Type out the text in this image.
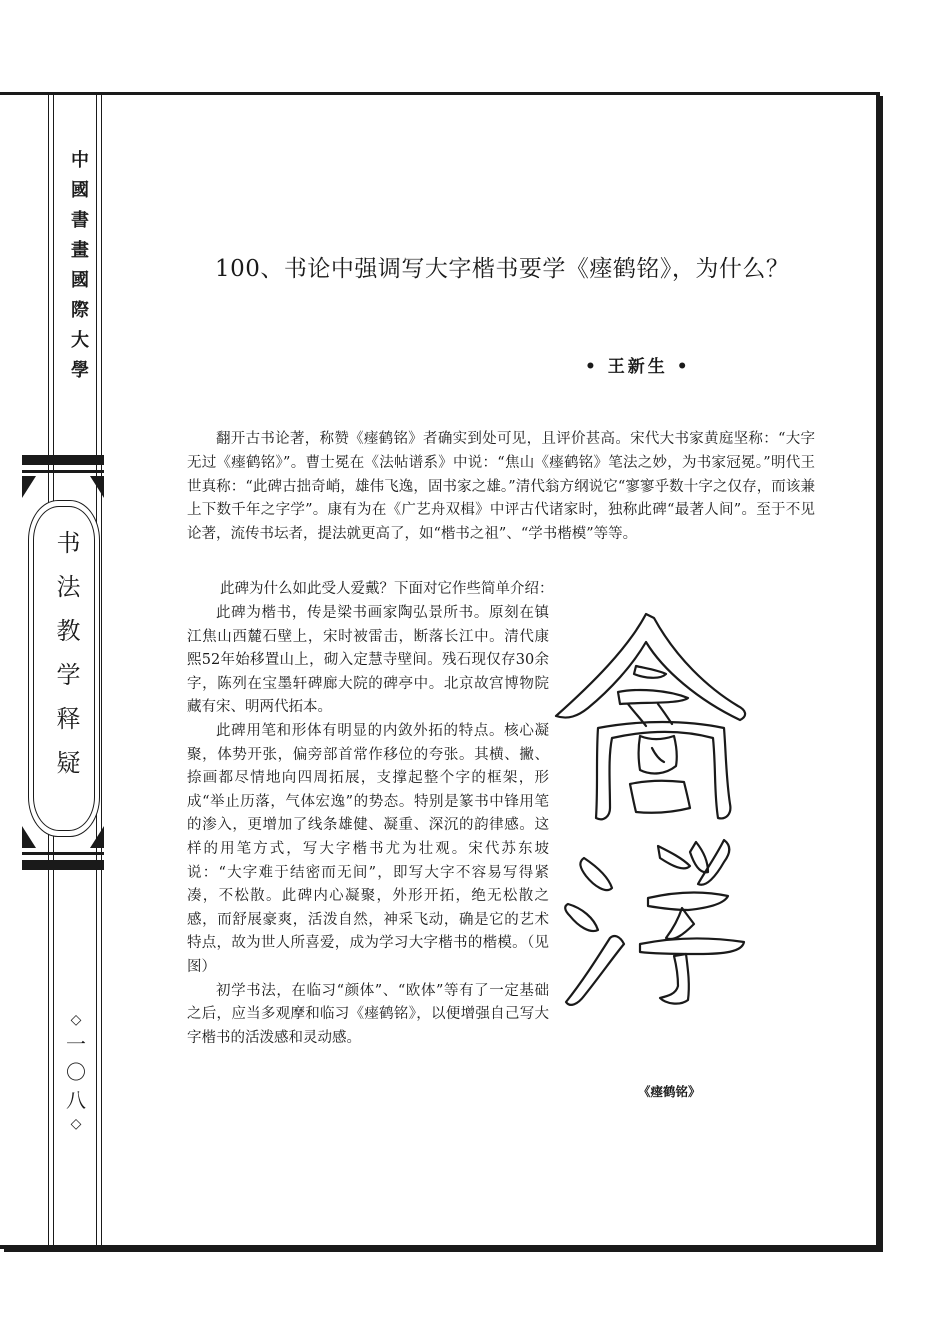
中國書畫國際大學
书法教学释疑
◇
一
〇
八
◇
100、书论中强调写大字楷书要学《瘗鹤铭》，为什么？
• 王新生 •
翻开古书论著，称赞《瘗鹤铭》者确实到处可见，且评价甚高。宋代大书家黄庭坚称：“大字无过《瘗鹤铭》”。曹士冕在《法帖谱系》中说：“焦山《瘗鹤铭》笔法之妙，为书家冠冕。”明代王世真称：“此碑古拙奇峭，雄伟飞逸，固书家之雄。”清代翁方纲说它“寥寥乎数十字之仅存，而该兼上下数千年之字学”。康有为在《广艺舟双楫》中评古代诸家时，独称此碑“最著人间”。至于不见论著，流传书坛者，提法就更高了，如“楷书之祖”、“学书楷模”等等。
此碑为什么如此受人爱戴？下面对它作些简单介绍：

此碑为楷书，传是梁书画家陶弘景所书。原刻在镇江焦山西麓石壁上，宋时被雷击，断落长江中。清代康熙52年始移置山上，砌入定慧寺壁间。残石现仅存30余字，陈列在宝墨轩碑廊大院的碑亭中。北京故宫博物院藏有宋、明两代拓本。

此碑用笔和形体有明显的内敛外拓的特点。核心凝聚，体势开张，偏旁部首常作移位的夸张。其横、撇、捺画都尽情地向四周拓展，支撑起整个字的框架，形成“举止历落，气体宏逸”的势态。特别是篆书中锋用笔的渗入，更增加了线条雄健、凝重、深沉的韵律感。这样的用笔方式，写大字楷书尤为壮观。宋代苏东坡说：“大字难于结密而无间”，即写大字不容易写得紧凑，不松散。此碑内心凝聚，外形开拓，绝无松散之感，而舒展豪爽，活泼自然，神采飞动，确是它的艺术特点，故为世人所喜爱，成为学习大字楷书的楷模。（见图）

初学书法，在临习“颜体”、“欧体”等有了一定基础之后，应当多观摩和临习《瘗鹤铭》，以便增强自己写大字楷书的活泼感和灵动感。

《瘗鹤铭》
